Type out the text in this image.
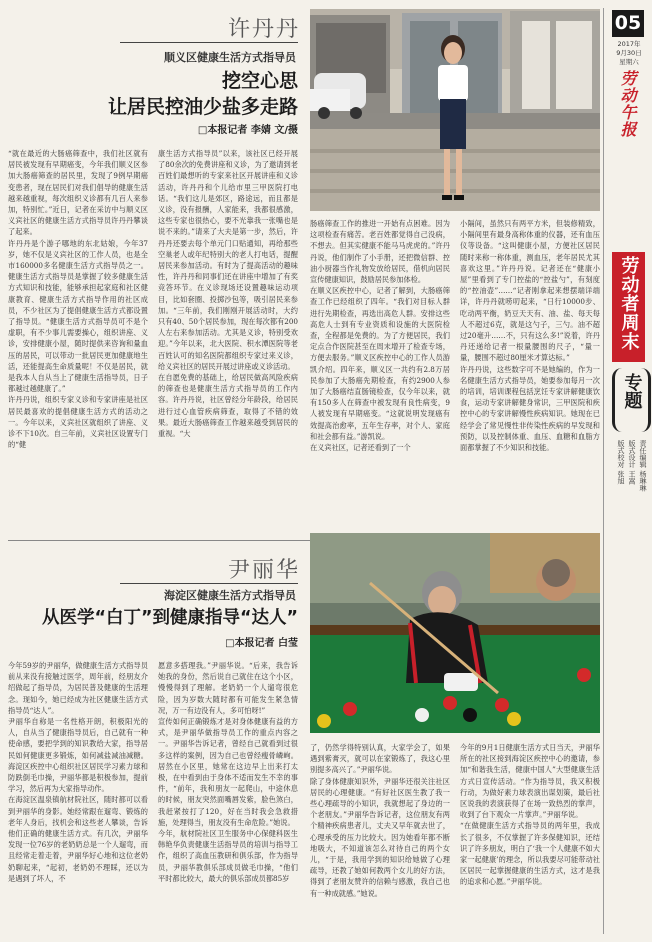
05
2017年
9月30日
星期六
劳动午报
劳动者周末
专题
责任编辑 杨琳琳
版式设计 王嵩
版式校对 张旭
许丹丹
顺义区健康生活方式指导员
挖空心思
让居民控油少盐多走路
□本报记者 李婧 文/摄
“就在最近的大肠癌筛查中，我们社区就有居民被发现有早期癌变，今年我们顺义区参加大肠癌筛查的居民里，发现了9例早期癌变患者，现在居民们对我们倡导的健康生活越来越重视，每次组织义诊都有几百人来参加，特别忙。”近日，记者在采访中与顺义区义宾社区的健康生活方式指导员许丹丹攀谈了起来。
许丹丹是个游子哪地的东北姑娘，今年37岁，她不仅是义宾社区的工作人员，也是全市160000多名健康生活方式指导员之一。健康生活方式指导员是掌握了较多健康生活方式知识和技能，能够承担起家庭和社区健康教育、健康生活方式指导作用的社区成员，不少社区为了提倡健康生活方式都设置了指导员。“健康生活方式指导员可不是个虚职，有不少事儿需要操心，组织讲座、义诊，安排健康小屋，随时提供来咨询和量血压的居民，可以带动一批居民更加健康地生活，还能提高生命质量呢！不仅是居民，就是我本人自从当上了健康生活指导员，日子都越过越健康了。”
许丹丹说，组织专家义诊和专家讲座是社区居民最喜欢的提倡健康生活方式的活动之一。今年以来，义宾社区就组织了讲座、义诊不下10次。自三年前，义宾社区设置专门的“健
康生活方式指导员”以来，该社区已经开展了80余次的免费讲座和义诊，为了邀请到老百姓们最想听的专家来社区开展讲座和义诊活动，许丹丹和个儿给市里三甲医院打电话。“我们这儿是郊区，路途远，而且都是义诊，没有报酬，人家能来，我都很感激，这些专家也很热心，要不光靠我一张嘴也是说不来的。”请来了大夫是第一步，然后，许丹丹还要去每个单元门口贴通知，再给那些空巢老人或年纪特别大的老人打电话，提醒居民来参加活动。有时为了提高活动的趣味性，许丹丹和同事们还在讲座中增加了有奖竞答环节。在义诊现场还设置趣味运动项目，比如套圈、投掷沙包等，吸引居民来参加。“三年前，我们刚刚开展活动时，大约只有40、50个居民参加，现在每次都有200人左右来参加活动。尤其是义诊，特别受欢迎。”今年以来，北大医院、积水潭医院等老百姓认可的知名医院都组织专家过来义诊，给义宾社区的居民开展过讲座或义诊活动。
在自愿免费的基础上，给居民做高风险疾病的筛查也是健康生活方式指导员的工作内容。许丹丹说，社区曾经分年龄段，给居民进行过心血管疾病筛查，取得了不错的效果。最近大肠癌筛查工作越来越受到居民的重视。“大
肠癌筛查工作的推进一开始有点困难。因为这项检查有痛苦。老百姓都觉得自己没病，不想去。但其实健康不能马马虎虎的。”许丹丹说，他们制作了小手册，还把微信群、控油小厨器当作礼物发放给居民，借机向居民宣传健康知识，鼓励居民参加体检。
在顺义区疾控中心，记者了解到，大肠癌筛查工作已经组织了四年。“我们对目标人群进行先期检查，再选出高危人群。安排这些高危人士到有专业资质和设施的大医院检查，全程都是免费的。为了方便居民，我们定点合作医院甚至在周末增开了检查专场，方便去服务。”顺义区疾控中心的工作人员游凯介绍。四年来，顺义区一共约有2.8万居民参加了大肠癌先期检查，有约2900人参加了大肠癌结直肠镜检查，仅今年以来，就有150多人在筛查中被发现有良性病变，9人被发现有早期癌变。“这就说明发现癌有效提高治愈率，五年生存率，对个人、家庭和社会都有益。”游凯说。
在义宾社区，记者还看到了一个
小隔间，虽然只有两平方米，但装修精致，小隔间里有最身高称体重的仪器，还有血压仪等设备。“这叫健康小屋，方便社区居民随时来称一称体重，测血压，老年居民尤其喜欢这里。”许丹丹说。记者还在“健康小屋”里看到了专门控盐的“控盐勺”，有刻度的“控油壶”……“记者刚拿起来想摆端详端详，许丹丹就唠叨起来，“日行10000步、吃动两平衡，奶豆天天有、油、盐、每天每人不超过6克，就是这勺子，三勺。油不超过20毫升……不，只有这么多!”说着，许丹丹还递给记者一根量腰围的尺子，“量一量，腰围不超过80厘米才算达标。”
许丹丹说，这些数字可不是她编的，作为一名健康生活方式指导员，她要参加每月一次的培训，培训课程包括烹饪专家讲解健康饮食，运动专家讲解健身常识，三甲医院和疾控中心的专家讲解慢性疾病知识。她现在已经学会了常见慢性非传染性疾病的早发现和预防，以及控制体重、血压、血糖和血脂方面都掌握了不少知识和技能。
尹丽华
海淀区健康生活方式指导员
从医学“白丁”到健康指导“达人”
□本报记者 白莹
今年59岁的尹丽华，做健康生活方式指导员前从来没有接触过医学，周年前，经朋友介绍做起了指导员，为居民普及健康的生活理念。现如今，她已经成为社区健康生活方式指导员“达人”。
尹丽华自称是一名性格开朗，积极阳光的人，自从当了健康指导员后，自己就有一种使命感，要把学到的知识教给大家，指导居民如何健康更多锻炼，如何减盐减油减糖。海淀区疾控中心组织社区居民学习素力球和防跌倒毛巾操，尹丽华都是积极参加，提前学习，然后再为大家指导动作。
在海淀区温泉镇航材院社区，随时都可以看到尹丽华的身影。她经常跟在遛弯、锻炼的老年人身后，找机会和这些老人攀谈，告诉他们正确的健康生活方式。有几次，尹丽华发现一位76岁的老奶奶总是一个人遛弯，而且经常走着走着，尹丽华好心地和这位老奶奶聊起来，“起初，老奶奶不理睬，还以为是遇到了坏人，不
愿意多搭理我。”尹丽华说。“后来，我告诉她我的身份，然后说自己就住在这个小区，慢慢得到了理解。老奶奶一个人遛弯很危险，因为岁数大随时都有可能发生紧急情况，万一有边没有人，多可怕呀!”
宣传如何正确锻炼才是对身体健康有益的方式，是尹丽华做指导员工作的重点内容之一。尹丽华告诉记者，曾经自己就看到过很多这样的案例，因为自己也曾经瘦骨嶙峋。居然在小区里，她常在这边早上出来打太极，在中看到由于身体不适而发生不幸的事件，“前年，我和朋友一起爬山，中途休息的时候，朋友突然面嘴唇发紫，脸色煞白，我赶紧按打了120，好在当时我会急救措施，处理得当，朋友没有生命危险。”她说。
今年，航材院社区卫生服务中心保健科医生韩艳华负责健康生活指导员的培训与指导工作，组织了高血压教研和俱乐部，作为指导员，尹丽华教俱乐部成员做毛巾操，“他们平时都比较大，最大的俱乐部成员都85岁
了，仍然学得特别认真，大家学会了，如果遇到紫膏灭，就可以在家锻炼了，我这心里别提多高兴了。”尹丽华说。
除了身体健康知识外，尹丽华还很关注社区居民的心理健康。“有好社区医生教了我一些心理疏导的小知识，我就想起了身边的一个老朋友。”尹丽华告诉记者，这位朋友有两个精神疾病患者儿，丈夫又早年就去世了，心理承受的压力比较大。因为她看年都不断地吸大，不知道该怎么对待自己的两个女儿，“于是，我用学到的知识给她做了心理疏导，还教了她如何教两个女儿的好方法，得到了老朋友赞许的信赖与感激，我自己也有一种成就感。”她说。
今年的9月1日健康生活方式日当天，尹丽华所在的社区接到海淀区疾控中心的邀请，参加“和谐我生活，健康中国人”大型健康生活方式日宣传活动。“作为指导员，我又积极行动，为做好素力球表演出谋划策，最后社区说我的表演获得了在场一致热烈的掌声，收到了台下观众一片掌声。”尹丽华说。
“在做健康生活方式指导员的两年里，我成长了很多，不仅掌握了许多保健知识，还结识了许多朋友，明白了‘我一个人健康不如大家一起健康’的理念，所以我要尽可能带动社区居民一起掌握健康的生活方式，这才是我的追求和心愿。”尹丽华说。
